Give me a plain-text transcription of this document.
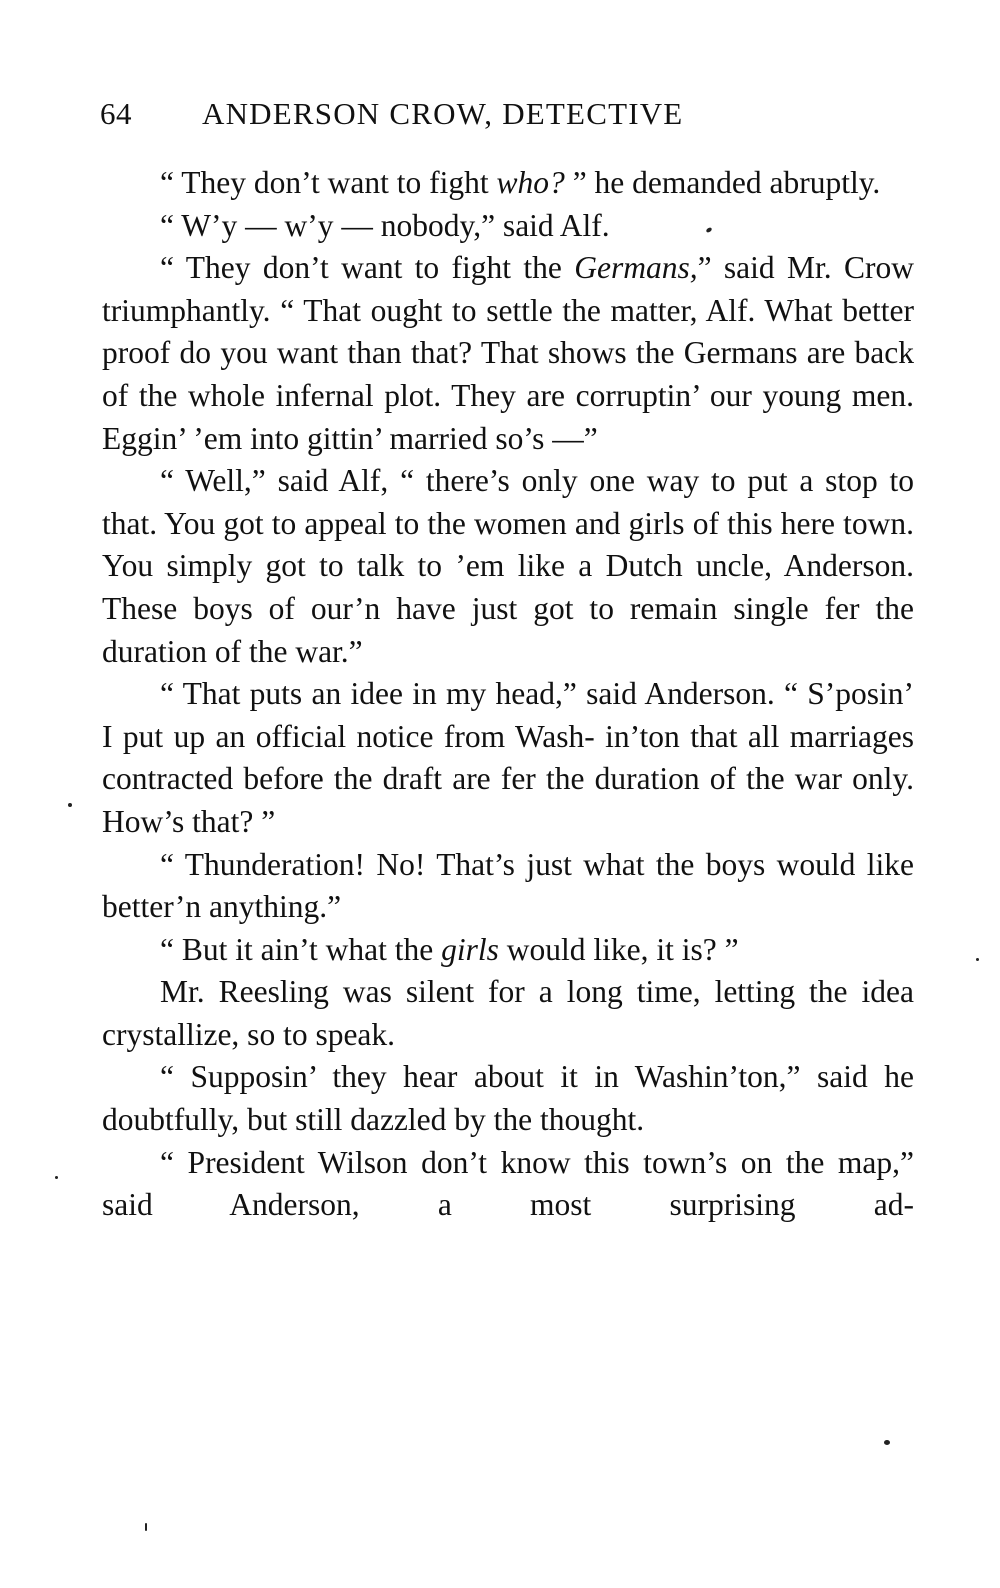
64 ANDERSON CROW, DETECTIVE

“ They don’t want to fight who? ” he demanded abruptly.

“ W’y — w’y — nobody,” said Alf.

“ They don’t want to fight the Germans,” said Mr. Crow triumphantly. “ That ought to settle the matter, Alf. What better proof do you want than that? That shows the Germans are back of the whole infernal plot. They are corruptin’ our young men. Eggin’ ’em into gittin’ married so’s —”

“ Well,” said Alf, “ there’s only one way to put a stop to that. You got to appeal to the women and girls of this here town. You simply got to talk to ’em like a Dutch uncle, Anderson. These boys of our’n have just got to remain single fer the duration of the war.”

“ That puts an idee in my head,” said Anderson. “ S’posin’ I put up an official notice from Wash- in’ton that all marriages contracted before the draft are fer the duration of the war only. How’s that? ”

“ Thunderation! No! That’s just what the boys would like better’n anything.”

“ But it ain’t what the girls would like, it is? ”

Mr. Reesling was silent for a long time, letting the idea crystallize, so to speak.

“ Supposin’ they hear about it in Washin’ton,” said he doubtfully, but still dazzled by the thought.

“ President Wilson don’t know this town’s on the map,” said Anderson, a most surprising ad-
